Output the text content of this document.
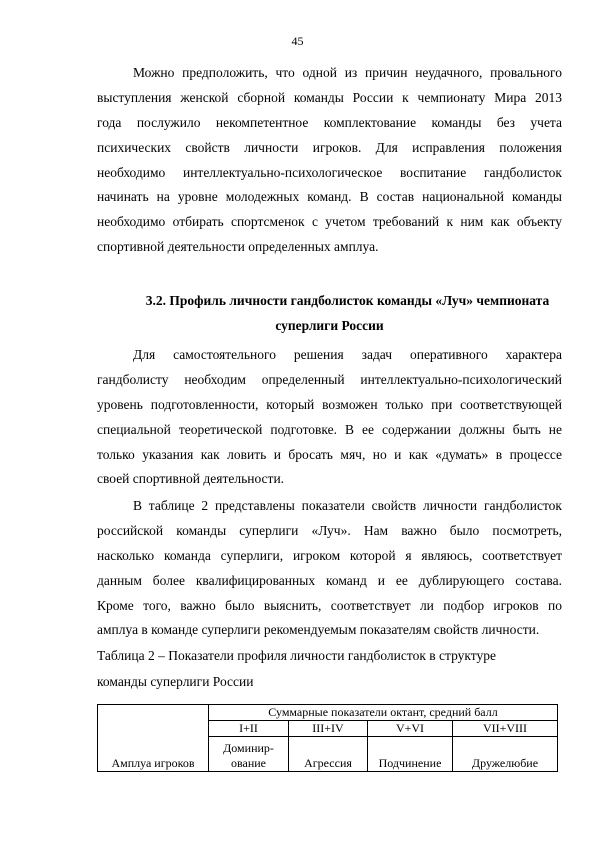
45
Можно предположить, что одной из причин неудачного, провального
выступления женской сборной команды России к чемпионату Мира 2013
года послужило некомпетентное комплектование команды без учета
психических свойств личности игроков. Для исправления положения
необходимо интеллектуально-психологическое воспитание гандболисток
начинать на уровне молодежных команд. В состав национальной команды
необходимо отбирать спортсменок с учетом требований к ним как объекту
спортивной деятельности определенных амплуа.
3.2. Профиль личности гандболисток команды «Луч» чемпионата
суперлиги России
Для самостоятельного решения задач оперативного характера
гандболисту необходим определенный интеллектуально-психологический
уровень подготовленности, который возможен только при соответствующей
специальной теоретической подготовке. В ее содержании должны быть не
только указания как ловить и бросать мяч, но и как «думать» в процессе
своей спортивной деятельности.
В таблице 2 представлены показатели свойств личности гандболисток
российской команды суперлиги «Луч». Нам важно было посмотреть,
насколько команда суперлиги, игроком которой я являюсь, соответствует
данным более квалифицированных команд и ее дублирующего состава.
Кроме того, важно было выяснить, соответствует ли подбор игроков по
амплуа в команде суперлиги рекомендуемым показателям свойств личности.
Таблица 2 – Показатели профиля личности гандболисток в структуре
команды суперлиги России
Амплуа игроков	Суммарные показатели октант, средний балл			
	I+II	III+IV	V+VI	VII+VIII
	Доминир-ование	Агрессия	Подчинение	Дружелюбие
